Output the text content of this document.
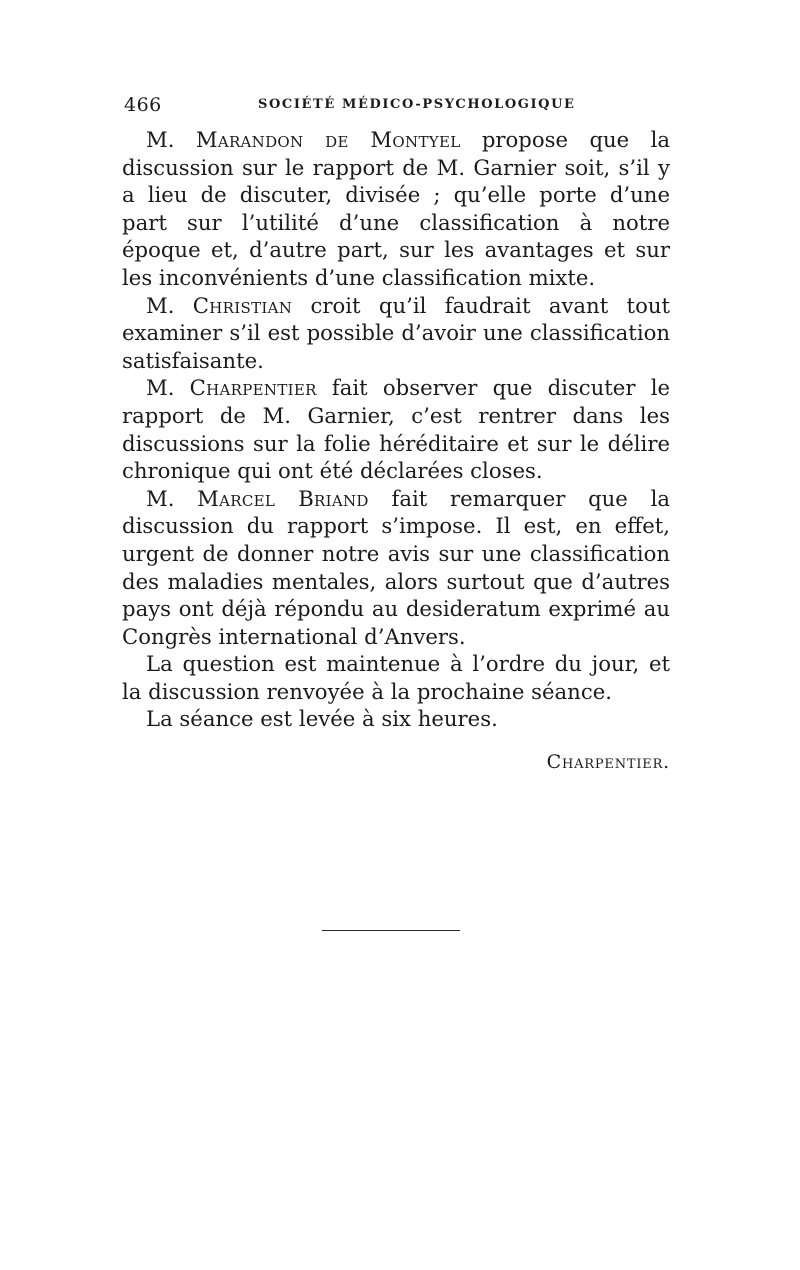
466	SOCIÉTÉ MÉDICO-PSYCHOLOGIQUE

M. Marandon de Montyel propose que la discussion sur le rapport de M. Garnier soit, s’il y a lieu de discuter, divisée ; qu’elle porte d’une part sur l’utilité d’une classification à notre époque et, d’autre part, sur les avantages et sur les inconvénients d’une classification mixte.

M. Christian croit qu’il faudrait avant tout examiner s’il est possible d’avoir une classification satisfaisante.

M. Charpentier fait observer que discuter le rapport de M. Garnier, c’est rentrer dans les discussions sur la folie héréditaire et sur le délire chronique qui ont été déclarées closes.

M. Marcel Briand fait remarquer que la discussion du rapport s’impose. Il est, en effet, urgent de donner notre avis sur une classification des maladies mentales, alors surtout que d’autres pays ont déjà répondu au desideratum exprimé au Congrès international d’Anvers.

La question est maintenue à l’ordre du jour, et la discussion renvoyée à la prochaine séance.

La séance est levée à six heures.

Charpentier.
